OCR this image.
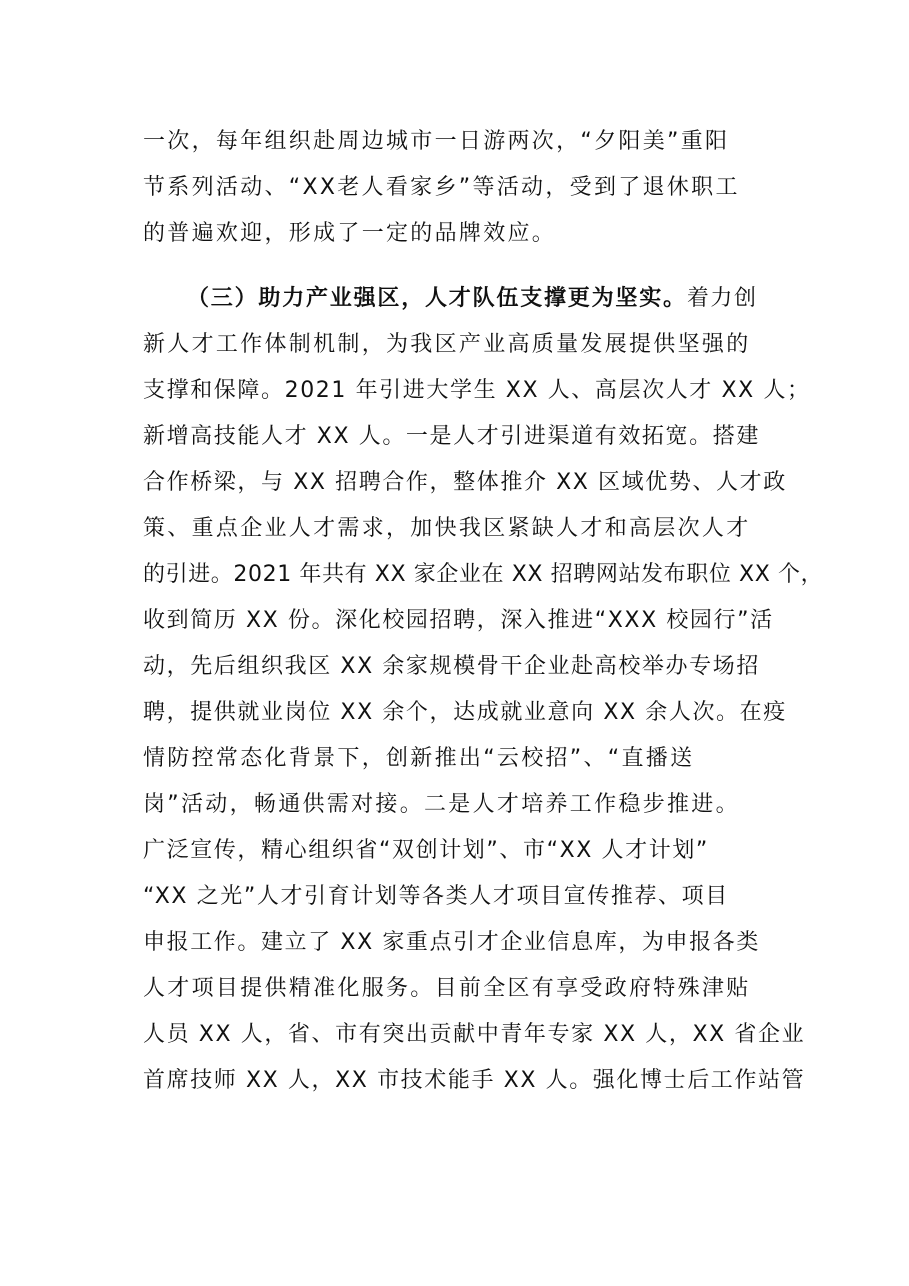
一次，每年组织赴周边城市一日游两次，“夕阳美”重阳
节系列活动、“XX老人看家乡”等活动，受到了退休职工
的普遍欢迎，形成了一定的品牌效应。
（三）助力产业强区，人才队伍支撑更为坚实。着力创
新人才工作体制机制，为我区产业高质量发展提供坚强的
支撑和保障。2021 年引进大学生 XX 人、高层次人才 XX 人；
新增高技能人才 XX 人。一是人才引进渠道有效拓宽。搭建
合作桥梁，与 XX 招聘合作，整体推介 XX 区域优势、人才政
策、重点企业人才需求，加快我区紧缺人才和高层次人才
的引进。2021 年共有 XX 家企业在 XX 招聘网站发布职位 XX 个，
收到简历 XX 份。深化校园招聘，深入推进“XXX 校园行”活
动，先后组织我区 XX 余家规模骨干企业赴高校举办专场招
聘，提供就业岗位 XX 余个，达成就业意向 XX 余人次。在疫
情防控常态化背景下，创新推出“云校招”、“直播送
岗”活动，畅通供需对接。二是人才培养工作稳步推进。
广泛宣传，精心组织省“双创计划”、市“XX 人才计划”
“XX 之光”人才引育计划等各类人才项目宣传推荐、项目
申报工作。建立了 XX 家重点引才企业信息库，为申报各类
人才项目提供精准化服务。目前全区有享受政府特殊津贴
人员 XX 人，省、市有突出贡献中青年专家 XX 人，XX 省企业
首席技师 XX 人，XX 市技术能手 XX 人。强化博士后工作站管
